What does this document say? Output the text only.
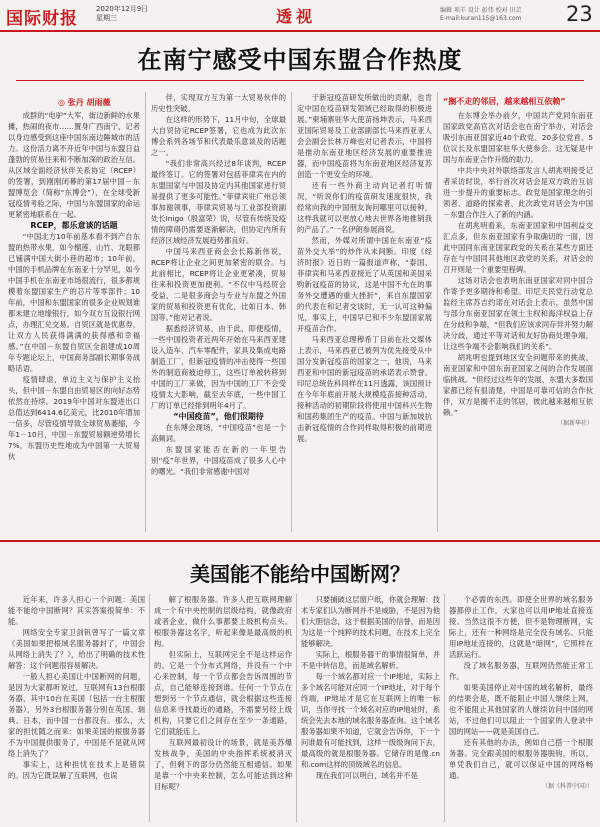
国际财报	2020年12月9日
星期三	透视	编辑 项羊 设计 彭伟 校对 田芸
E-mail:kuran115@163.com	23
在南宁感受中国东盟合作热度
◎ 张丹 胡雨薇

成群的“电驴”大军，街边新鲜的水果摊，热闹的夜市……置身广西南宁，记者以身边感受到这座中国东南边陲城市的活力。这份活力离不开近年中国与东盟日益蓬勃的贸易往来和不断加深的政治互信。从区域全面经济伙伴关系协定（RCEP）的签署，到刚刚闭幕的第17届中国－东盟博览会（简称“东博会”），在全球受新冠疫情考验之际，中国与东盟国家的命运更紧密地联系在一起。

RCEP，都乐意谈的话题

“中国北方10年前基本看不到产自东盟的热带水果，如今榴莲、山竹、龙眼都已铺满中国大街小巷的超市；10年前，中国的手机品牌在东南亚十分罕见，如今中国手机在东南亚市场很流行，很多都规模着东盟国家生产的芯片等零部件；10年前，中国和东盟国家的很多企业规划谁都未建立地缘银行，如今双方互设银行网点，办理汇兑交易。自贸区就是优惠券，让双方人民获得满满的获得感和幸福感。”在中国－东盟自贸区全面建成10周年专题论坛上，中国商务部副长期事务战略话语。

疫情肆虐，单边主义与保护主义抬头，但中国－东盟自由贸易区的向好态势依然在持续。2019年中国对东盟进出口总值达到6414.6亿美元，比2010年增加一倍多，尽管疫情导致全球贸易萎缩，今年1－10月，中国－东盟贸易额逆势增长7%，东盟历史性地成为中国第一大贸易伙

伴，实现双方互为第一大贸易伙伴的历史性突破。

在这样的形势下，11月中旬，全球最大自贸协定RCEP签署，它也成为此次东博会系列各场节和代表最乐意谈及的话题之一。

“我们非常高兴经过8年谈判，RCEP最终签订。它的签署对包括菲律宾在内的东盟国家与中国及协定内其他国家进行贸易提供了更多可能性。”菲律宾驻广州总领事加谢领事，菲律宾贸易与工业部投资副处长Inigo（殷富荣）说，尽管有传统及疫情的障碍仍需要逐渐解决，但协定内所有经济区域经济发展趋势都良好。

中国马来西亚商会会长陈新伟说，RCEP将让企业之间更加紧密的联合。与此前相比，RCEP将让企业更紧凑，贸易往来和投资更加便利。“不仅中马经贸会受益，二是很多商会与专业与东盟之外国家的贸易和投资更有优化，比如日本、韩国等。”他对记者说。

据悉经济贸易，由于此，即便疫情，一些中国投资者近两年开始在马来西亚建设入造车、汽车零配件，家具及集成电路制造工厂，但新冠疫情的冲击使得一些国外的制造商被迫停工，这些订单被转移到中国的工厂来做，因为中国的工厂不会受疫情太大影响，截至去年底，一些中国工厂的订单已经排到明年4月了。

“中国疫苗”，他们很期待

在东博会现场，“中国疫苗”也是一个高频词。

东盟国家能否在新的一年里告别“疫”年世界，中国疫苗成了很多人心中的曙光。“我们非常感谢中国对

于新冠疫苗研发所做出的贡献，也肯定中国在疫苗研发领域已经取得的积极进展。”柬埔寨驻华大使苗扬坤表示，马来西亚国际贸易及工业部副部长马来西亚亚人会会副会长林万峰也对记者表示，中国将是推动东南亚地区经济发展的重要推进器，而中国疫苗将为东南亚地区经济复苏创造一个更安全的环境。

还有一些外商主动向记者打听情况，“听说你们的疫苗研发速度很快，我经常向我的中国朋友询问哪里可以接种，这样我就可以更放心地去世界各地推销我的产品了。”一名伊朗参展商说。

然而，外媒对所谓中国在东南亚“疫苗外交大举”的炒作从未间断。印度《经济时报》近日的一篇报道声称，“泰国、菲律宾和马来西亚接近了从英国和美国采购新冠疫苗的协议，这是中国不允在的事务外交遭遇的重大挫折”，来自东盟国家的代表在和记者交谈时，无一认可这种偏见，事实上，中国早已和不少东盟国家展开疫苗合作。

马来西亚总理穆希丁目前在社交媒体上表示，马来西亚已被列为优先接受从中国分发新冠疫苗的国家之一，他说，马来西亚和中国的新冠疫苗的承诺表示赞誉。印尼总统佐科同样在11月透露，该国预计在今年年底前开展大规模疫苗接种活动，接种活动的初期阶段将使用中国科兴生物和国药集团生产的疫苗。中国与新加坡抗击新冠疫情的合作同样取得积极的前期进展。

“搁不走的邻居，越来越相互依赖”

在东博会举办前夕，中国共产党同东南亚国家政党高官次对话会也在南宁举办，对话会吸引东南亚国家近40个政党、20多位党首、5位议长及东盟国家驻华大使参会。这无疑是中国与东南亚合作升级的助力。

中共中央对外联络部发言人胡兆明接受记者采访时说，举行首次对话会是双方政治互信进一步提升的重要标志。政党是国家理念的引领者、道路的探索者、此次政党对话会为中国－东盟合作注入了新的内涵。

在胡兆明看来，东南亚国家和中国利益交汇点多，但东南亚国家有争取确切的一面，因此中国同东南亚国家政党的关系在某些方面还存在与中国同其他地区政党的关系，对话会的召开则是一个重要里程碑。

这场对话会也表明东南亚国家对同中国合作寄予更多期待和希望。印尼天民党行动党总监经主席苏吉约诺在对话会上表示，虽然中国与部分东南亚国家在领土主权和海洋权益上存在分歧和争端，“但我们应该求同存异并努力解决分歧，通过平等对话和友好协商处理争端，让这些争端不会影响我们的关系”。

胡兆明也提到地区安全问题带来的挑战，南亚国家和中国东南亚国家之间的合作发展面临挑战。“但经过这些年的发展，东盟大多数国家都已经有很清楚，中国是可靠可信的合作伙伴，双方是搁不走的邻居，彼此越来越相互依赖。”

（据新华社）

美国能不能给中国断网？

近年来，许多人担心一个问题：美国能不能给中国断网？其实答案很简单：不能。

网络安全专家卫剑钒曾写了一篇文章《美国如果把根域名服务器封了，中国会从网络上消失了？》，给出了明确的技术性解答：这个问题很容易解决。

一般人担心美国让中国断网的问题，是因为大家都听说过，互联网有13台根服务器，其中10台在美国（包括一台主根服务器），另外3台根服务器分别在英国、瑞典、日本，而中国一台都没有。那么，大家的担忧随之而来：如果美国的根服务器不为中国提供服务了，中国是不是就从网络上消失了？

事实上，这种担忧在技术上是错误的。因为它既误解了互联网，也误

解了根服务器。许多人把互联网理解成一个有中央控制的层级结构，就像政府或者企业，做什么事都要上级机构点头。根服务器这名字，听起来像是最高级的机构。

但实际上，互联网完全不是这样运作的。它是一个分布式网络，并没有一个中心来控制，每一个节点都会告诉周围的节点，自己能够连接到谁。任何一个节点在想到另一个节点通信，就会根据这些连接信息来寻找最近的通路，不需要另经上级机构，只要它们之间存在至少一条通路，它们就能连上。

互联网最初设计的场景，就是美苏爆发核战争，美国的中央指挥系统被消灭了，但剩下的部分仍然能互相通信。如果是靠一个中央来控制，怎么可能达到这种目标呢？

只要捕破这层窗户纸，你就会理解：技术专家们认为断网并不是威胁，不是因为他们大胆信念，这于根据美国的信誉，而是因为这是一个纯粹的技术问题，在技术上完全能够解决。

实际上，根服务器干的事情很简单，并不是中转信息，而是域名解析。

每一个域名都对应一个IP地址，实际上多个域名可能对应同一个IP地址，对于每个终端，IP地址才是它在互联网上的唯一标识，当你寻找一个域名对应的IP地址时，系统会先去本地的域名服务器查询。这个域名服务器如果不知道，它就会告诉你，下一个问谁最有可能找到，这样一级级询问下去，最高级的就是根服务器。它储存的是像.cn和.com这样的顶级域名的信息。

现在我们可以明白，域名并不是

个必需的东西。即使全世界的域名服务器都停止工作，大家也可以用IP地址直接连接。当然这很不方便，但不是物理断网，实际上，还有一种网络是完全没有域名、只能用IP地址连接的，这就是“暗网”，它照样在活跃运行。

没了域名服务器，互联网仍然能正常工作。

如果美国停止对中国的域名解析，最终的结果会是，既不能阻止中国人继续上网，也不能阻止其他国家的人继续访问中国的网站，不过他们可以阻止一个国家的人登录中国的网站——就是美国自己。

还有其他的办法，例如自己搭一个根服务器。完全跟美国的根服务器脱钩，所以，单凭我们自己，就可以保证中国的网络畅通。

（据《科普中国》）
